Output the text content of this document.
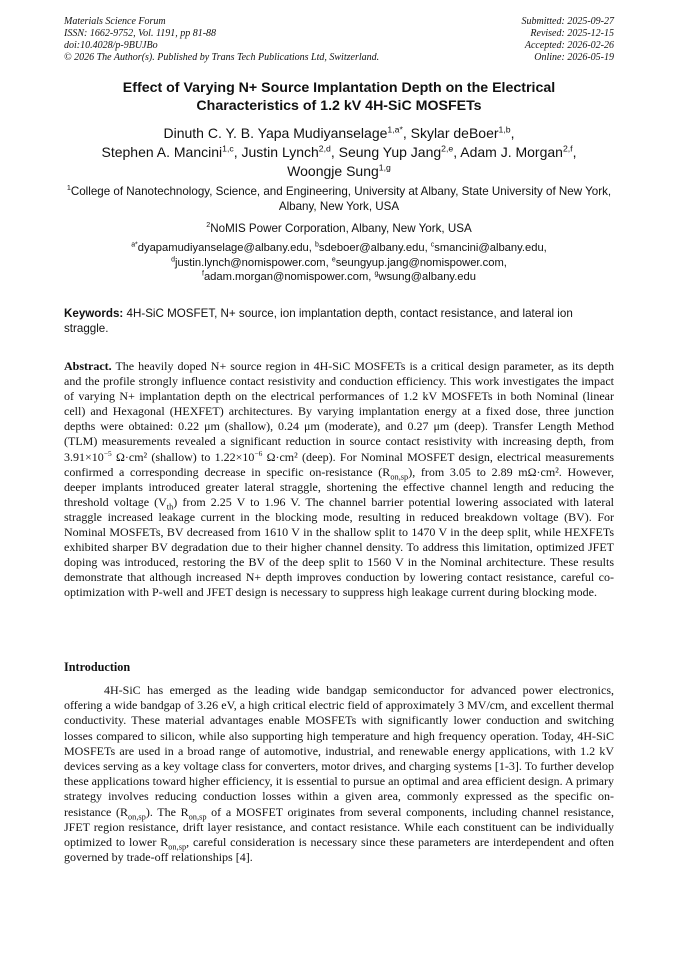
Materials Science Forum
ISSN: 1662-9752, Vol. 1191, pp 81-88
doi:10.4028/p-9BUJBo
© 2026 The Author(s). Published by Trans Tech Publications Ltd, Switzerland.
Submitted: 2025-09-27
Revised: 2025-12-15
Accepted: 2026-02-26
Online: 2026-05-19
Effect of Varying N+ Source Implantation Depth on the Electrical
Characteristics of 1.2 kV 4H-SiC MOSFETs
Dinuth C. Y. B. Yapa Mudiyanselage$^{1,a*}$, Skylar deBoer$^{1,b}$,
Stephen A. Mancini$^{1,c}$, Justin Lynch$^{2,d}$, Seung Yup Jang$^{2,e}$, Adam J. Morgan$^{2,f}$,
Woongje Sung$^{1,g}$
$^1$College of Nanotechnology, Science, and Engineering, University at Albany, State University of New York, Albany, New York, USA
$^2$NoMIS Power Corporation, Albany, New York, USA
$^{a*}$dyapamudiyanselage@albany.edu, $^b$sdeboer@albany.edu, $^c$smancini@albany.edu,
$^d$justin.lynch@nomispower.com, $^e$seungyup.jang@nomispower.com,
$^f$adam.morgan@nomispower.com, $^g$wsung@albany.edu
Keywords: 4H-SiC MOSFET, N+ source, ion implantation depth, contact resistance, and lateral ion straggle.
Abstract. The heavily doped N+ source region in 4H-SiC MOSFETs is a critical design parameter, as its depth and the profile strongly influence contact resistivity and conduction efficiency. This work investigates the impact of varying N+ implantation depth on the electrical performances of 1.2 kV MOSFETs in both Nominal (linear cell) and Hexagonal (HEXFET) architectures. By varying implantation energy at a fixed dose, three junction depths were obtained: 0.22 μm (shallow), 0.24 μm (moderate), and 0.27 μm (deep). Transfer Length Method (TLM) measurements revealed a significant reduction in source contact resistivity with increasing depth, from $3.91\times 10^{-5}$ Ω·cm² (shallow) to $1.22\times 10^{-6}$ Ω·cm² (deep). For Nominal MOSFET design, electrical measurements confirmed a corresponding decrease in specific on-resistance $(R_{on,sp})$, from 3.05 to 2.89 mΩ·cm². However, deeper implants introduced greater lateral straggle, shortening the effective channel length and reducing the threshold voltage $(V_{th})$ from 2.25 V to 1.96 V. The channel barrier potential lowering associated with lateral straggle increased leakage current in the blocking mode, resulting in reduced breakdown voltage (BV). For Nominal MOSFETs, BV decreased from 1610 V in the shallow split to 1470 V in the deep split, while HEXFETs exhibited sharper BV degradation due to their higher channel density. To address this limitation, optimized JFET doping was introduced, restoring the BV of the deep split to 1560 V in the Nominal architecture. These results demonstrate that although increased N+ depth improves conduction by lowering contact resistance, careful co-optimization with P-well and JFET design is necessary to suppress high leakage current during blocking mode.
Introduction
4H-SiC has emerged as the leading wide bandgap semiconductor for advanced power electronics, offering a wide bandgap of 3.26 eV, a high critical electric field of approximately 3 MV/cm, and excellent thermal conductivity. These material advantages enable MOSFETs with significantly lower conduction and switching losses compared to silicon, while also supporting high temperature and high frequency operation. Today, 4H-SiC MOSFETs are used in a broad range of automotive, industrial, and renewable energy applications, with 1.2 kV devices serving as a key voltage class for converters, motor drives, and charging systems [1-3]. To further develop these applications toward higher efficiency, it is essential to pursue an optimal and area efficient design. A primary strategy involves reducing conduction losses within a given area, commonly expressed as the specific on-resistance $(R_{on,sp})$. The $R_{on,sp}$ of a MOSFET originates from several components, including channel resistance, JFET region resistance, drift layer resistance, and contact resistance. While each constituent can be individually optimized to lower $R_{on,sp}$, careful consideration is necessary since these parameters are interdependent and often governed by trade-off relationships [4].
